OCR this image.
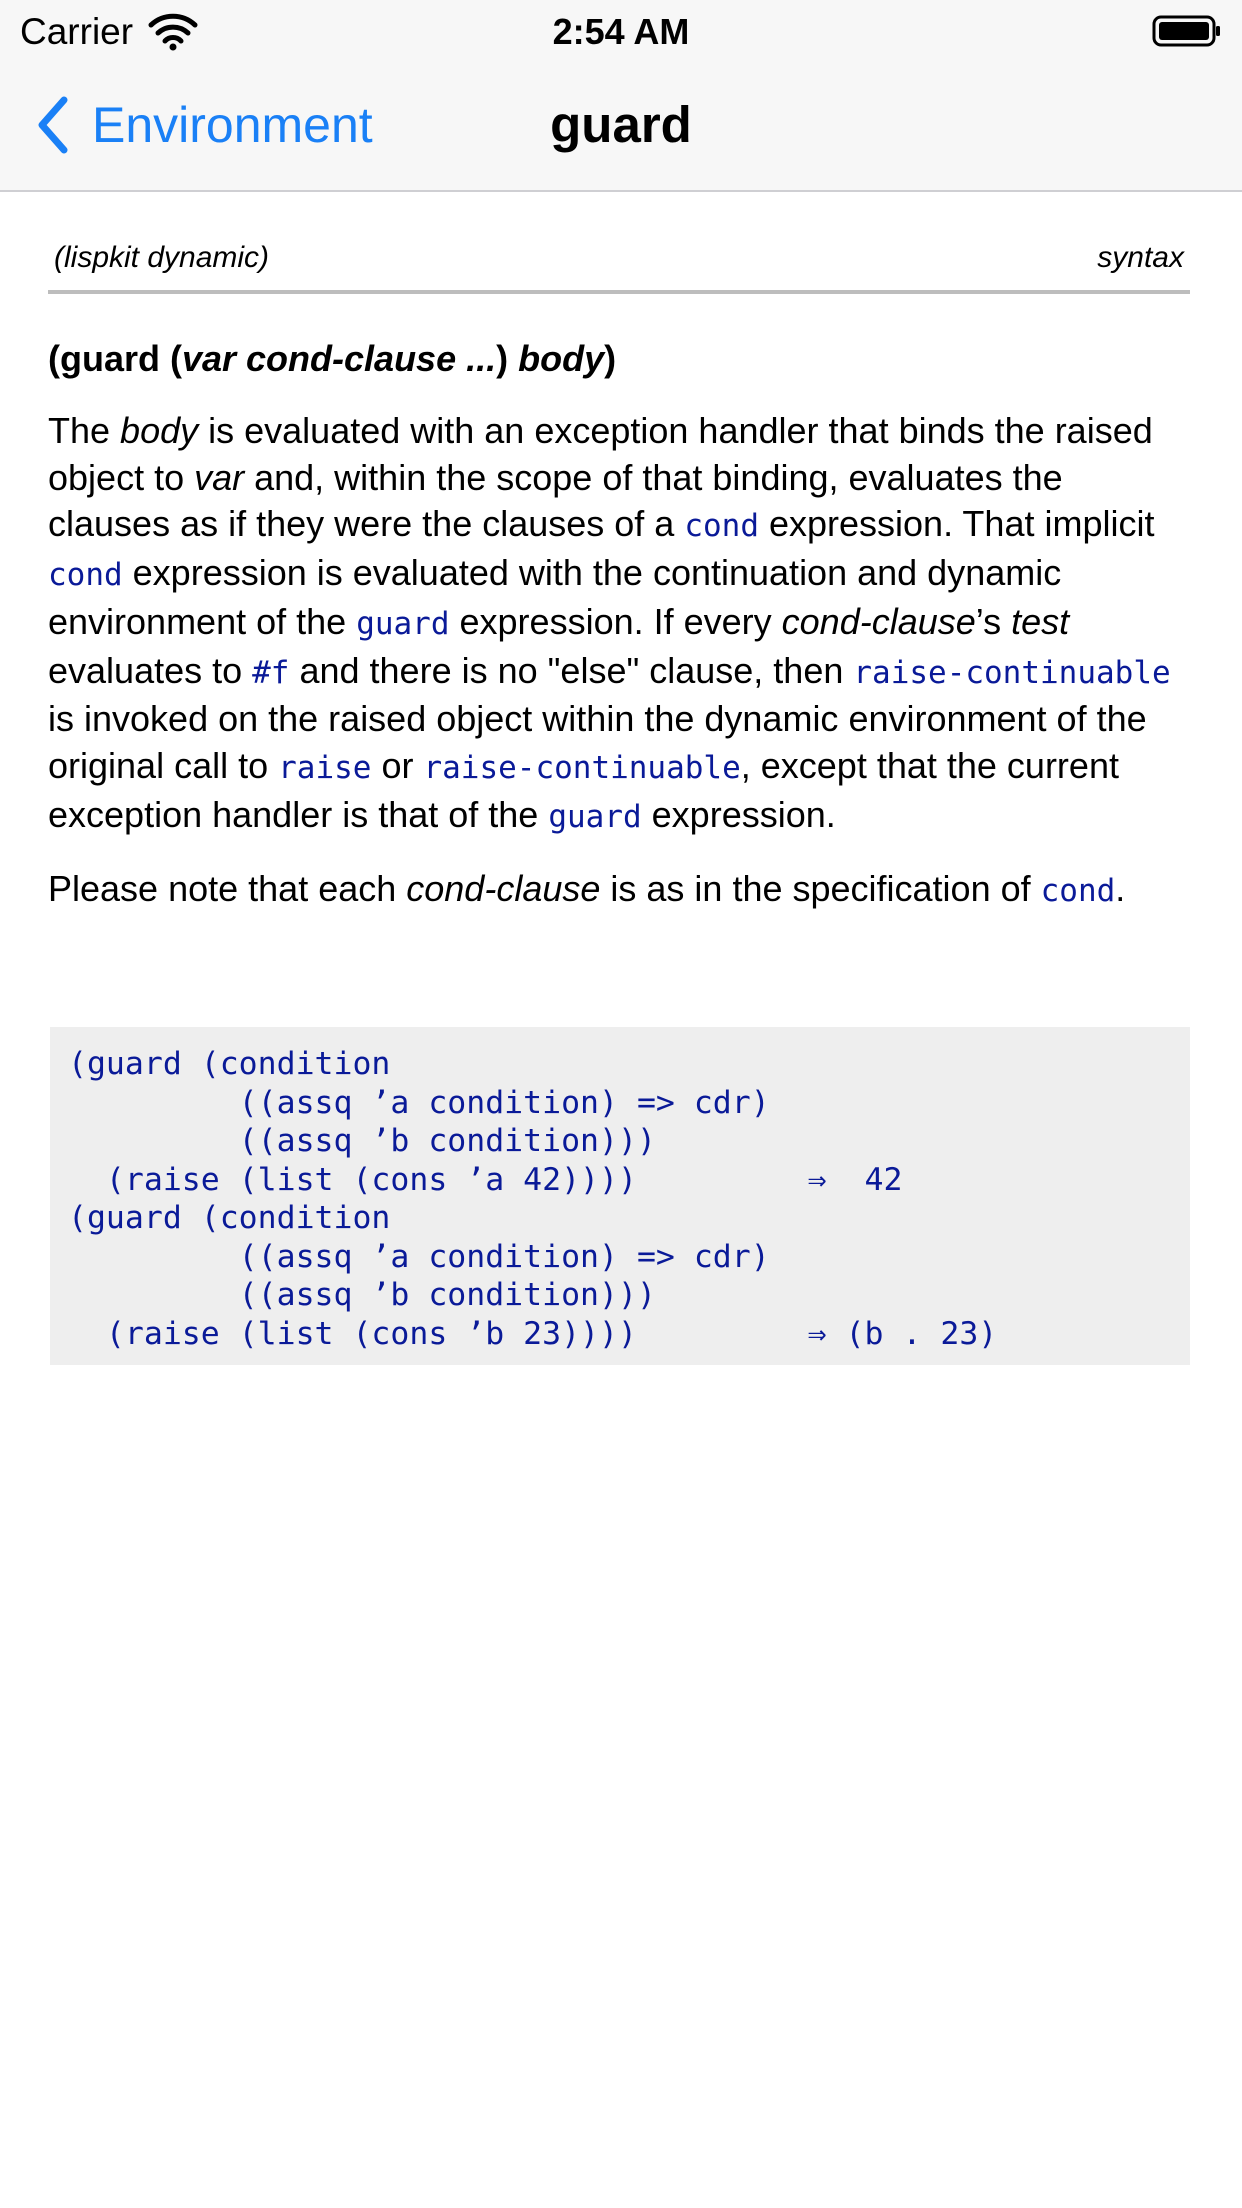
Carrier	2:54 AM
Environment	guard
(lispkit dynamic)	syntax
(guard (var cond-clause ...) body)
The body is evaluated with an exception handler that binds the raised object to var and, within the scope of that binding, evaluates the clauses as if they were the clauses of a cond expression. That implicit cond expression is evaluated with the continuation and dynamic environment of the guard expression. If every cond-clause’s test evaluates to #f and there is no "else" clause, then raise-continuable is invoked on the raised object within the dynamic environment of the original call to raise or raise-continuable, except that the current exception handler is that of the guard expression.
Please note that each cond-clause is as in the specification of cond.
(guard (condition
((assq ’a condition) => cdr)
((assq ’b condition)))
(raise (list (cons ’a 42))))         ⇒  42
(guard (condition
((assq ’a condition) => cdr)
((assq ’b condition)))
(raise (list (cons ’b 23))))         ⇒ (b . 23)
